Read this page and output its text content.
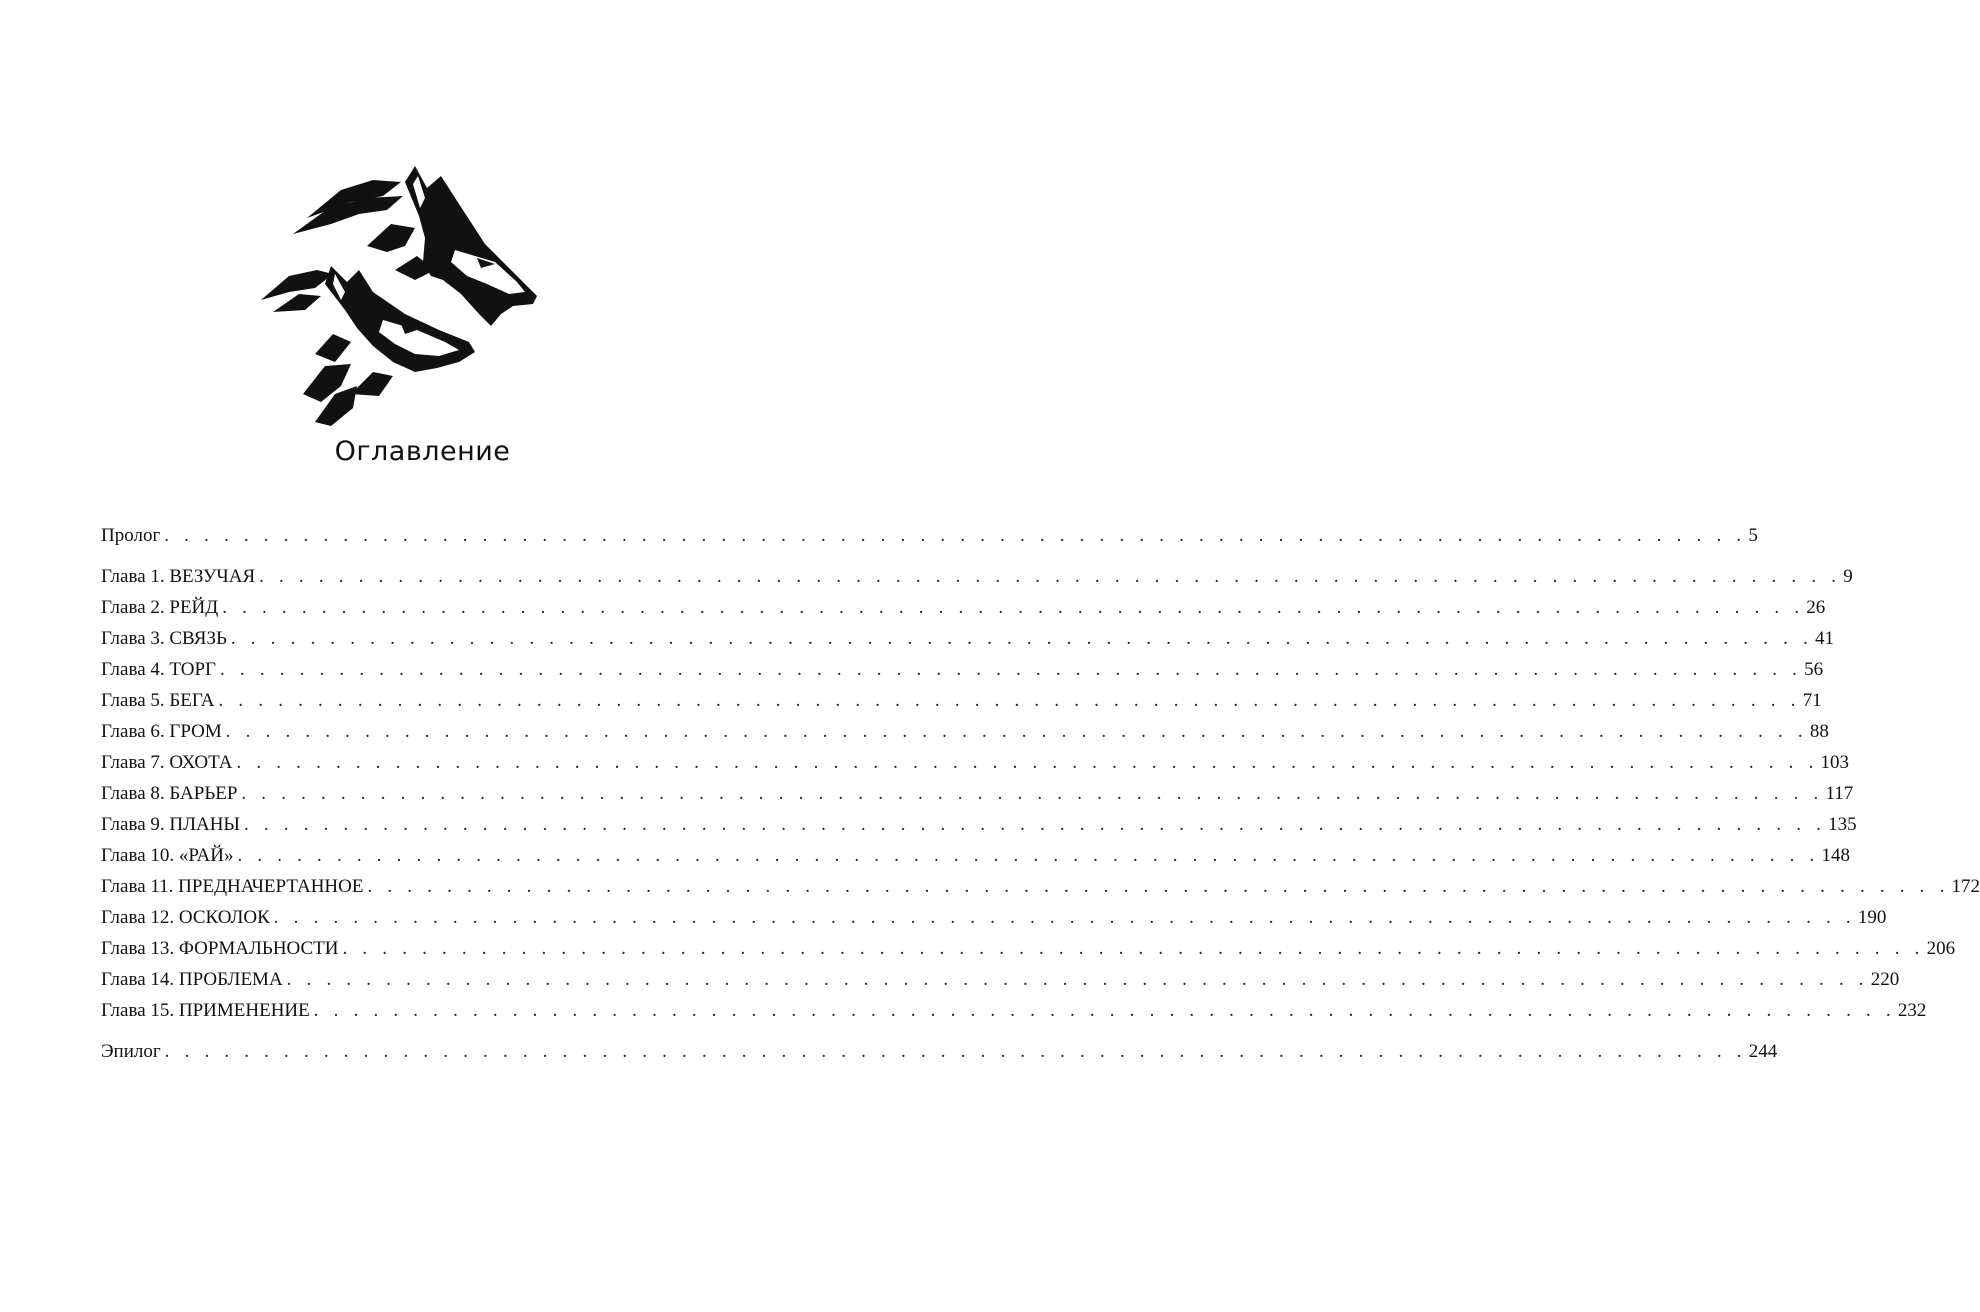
Оглавление
Пролог . . . . . . . . . . . . . . . . . . . . . . . . . . . . . . . . . . . . . . . . . . . . . . . . . . . . . . . . . . . . . . . . . . . . . . . . . . . . . . . . 5
Глава 1. ВЕЗУЧАЯ . . . . . . . . . . . . . . . . . . . . . . . . . . . . . . . . . . . . . . . . . . . . . . . . . . . . . . . . . . . . . . . . . . . . . . . . . . . . . . . . 9
Глава 2. РЕЙД . . . . . . . . . . . . . . . . . . . . . . . . . . . . . . . . . . . . . . . . . . . . . . . . . . . . . . . . . . . . . . . . . . . . . . . . . . . . . . . . 26
Глава 3. СВЯЗЬ . . . . . . . . . . . . . . . . . . . . . . . . . . . . . . . . . . . . . . . . . . . . . . . . . . . . . . . . . . . . . . . . . . . . . . . . . . . . . . . . 41
Глава 4. ТОРГ . . . . . . . . . . . . . . . . . . . . . . . . . . . . . . . . . . . . . . . . . . . . . . . . . . . . . . . . . . . . . . . . . . . . . . . . . . . . . . . . 56
Глава 5. БЕГА . . . . . . . . . . . . . . . . . . . . . . . . . . . . . . . . . . . . . . . . . . . . . . . . . . . . . . . . . . . . . . . . . . . . . . . . . . . . . . . . 71
Глава 6. ГРОМ . . . . . . . . . . . . . . . . . . . . . . . . . . . . . . . . . . . . . . . . . . . . . . . . . . . . . . . . . . . . . . . . . . . . . . . . . . . . . . . . 88
Глава 7. ОХОТА . . . . . . . . . . . . . . . . . . . . . . . . . . . . . . . . . . . . . . . . . . . . . . . . . . . . . . . . . . . . . . . . . . . . . . . . . . . . . . . . 103
Глава 8. БАРЬЕР . . . . . . . . . . . . . . . . . . . . . . . . . . . . . . . . . . . . . . . . . . . . . . . . . . . . . . . . . . . . . . . . . . . . . . . . . . . . . . . . 117
Глава 9. ПЛАНЫ . . . . . . . . . . . . . . . . . . . . . . . . . . . . . . . . . . . . . . . . . . . . . . . . . . . . . . . . . . . . . . . . . . . . . . . . . . . . . . . . 135
Глава 10. «РАЙ» . . . . . . . . . . . . . . . . . . . . . . . . . . . . . . . . . . . . . . . . . . . . . . . . . . . . . . . . . . . . . . . . . . . . . . . . . . . . . . . . 148
Глава 11. ПРЕДНАЧЕРТАННОЕ . . . . . . . . . . . . . . . . . . . . . . . . . . . . . . . . . . . . . . . . . . . . . . . . . . . . . . . . . . . . . . . . . . . . . . . . . . . . . . . . 172
Глава 12. ОСКОЛОК . . . . . . . . . . . . . . . . . . . . . . . . . . . . . . . . . . . . . . . . . . . . . . . . . . . . . . . . . . . . . . . . . . . . . . . . . . . . . . . . 190
Глава 13. ФОРМАЛЬНОСТИ . . . . . . . . . . . . . . . . . . . . . . . . . . . . . . . . . . . . . . . . . . . . . . . . . . . . . . . . . . . . . . . . . . . . . . . . . . . . . . . . 206
Глава 14. ПРОБЛЕМА . . . . . . . . . . . . . . . . . . . . . . . . . . . . . . . . . . . . . . . . . . . . . . . . . . . . . . . . . . . . . . . . . . . . . . . . . . . . . . . . 220
Глава 15. ПРИМЕНЕНИЕ . . . . . . . . . . . . . . . . . . . . . . . . . . . . . . . . . . . . . . . . . . . . . . . . . . . . . . . . . . . . . . . . . . . . . . . . . . . . . . . . 232
Эпилог . . . . . . . . . . . . . . . . . . . . . . . . . . . . . . . . . . . . . . . . . . . . . . . . . . . . . . . . . . . . . . . . . . . . . . . . . . . . . . . . 244
